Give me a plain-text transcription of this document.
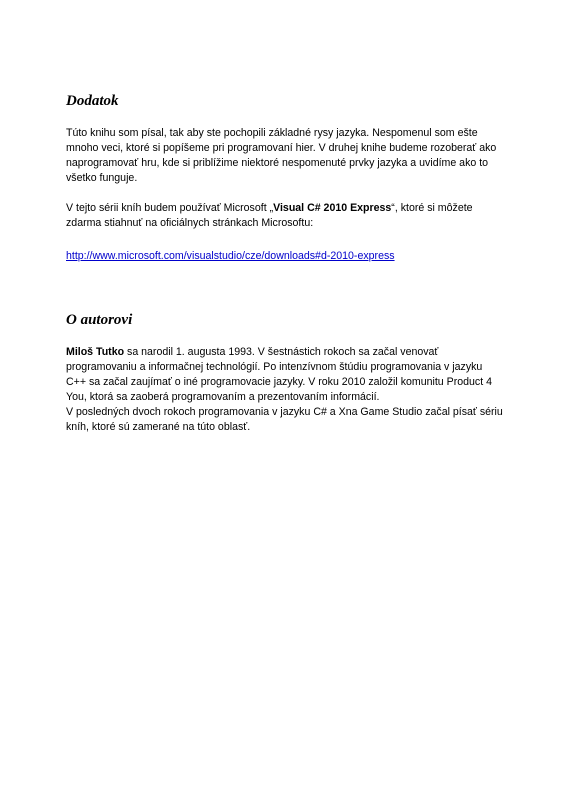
Dodatok

Túto knihu som písal, tak aby ste pochopili základné rysy jazyka. Nespomenul som ešte
mnoho veci, ktoré si popíšeme pri programovaní hier. V druhej knihe budeme rozoberať ako
naprogramovať hru, kde si priblížime niektoré nespomenuté prvky jazyka a uvidíme ako to
všetko funguje.

V tejto sérii kníh budem používať Microsoft „Visual C# 2010 Express“, ktoré si môžete
zdarma stiahnuť na oficiálnych stránkach Microsoftu:

http://www.microsoft.com/visualstudio/cze/downloads#d-2010-express
O autorovi

Miloš Tutko sa narodil 1. augusta 1993. V šestnástich rokoch sa začal venovať
programovaniu a informačnej technológií. Po intenzívnom štúdiu programovania v jazyku
C++ sa začal zaujímať o iné programovacie jazyky. V roku 2010 založil komunitu Product 4
You, ktorá sa zaoberá programovaním a prezentovaním informácií.

V posledných dvoch rokoch programovania v jazyku C# a Xna Game Studio začal písať sériu
kníh, ktoré sú zamerané na túto oblasť.
